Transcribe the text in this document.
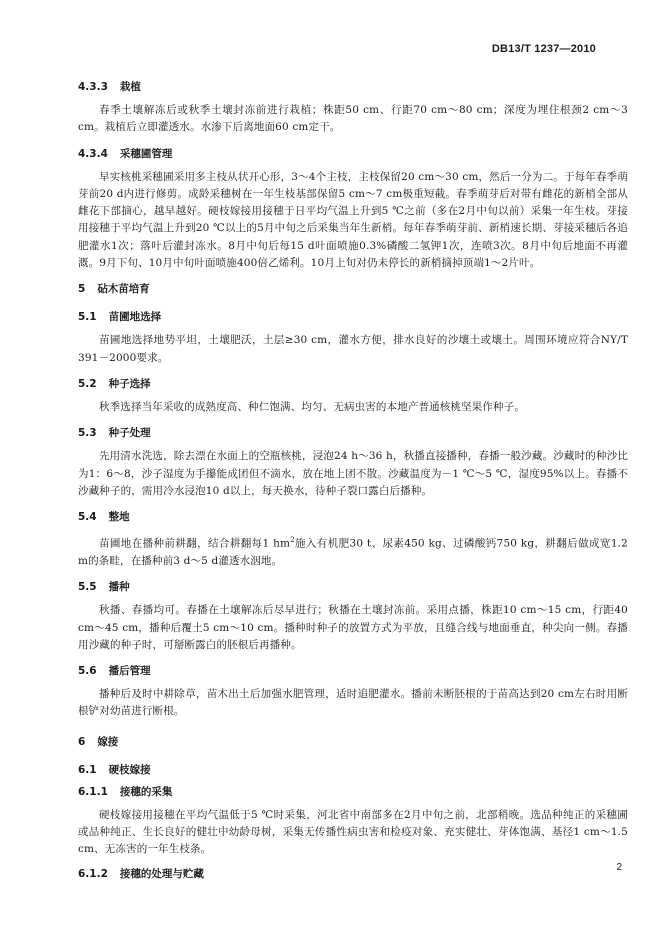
DB13/T 1237—2010

4.3.3 栽植

春季土壤解冻后或秋季土壤封冻前进行栽植；株距50 cm、行距70 cm～80 cm；深度为埋住根颈2 cm～3 cm。栽植后立即灌透水。水渗下后离地面60 cm定干。

4.3.4 采穗圃管理

早实核桃采穗圃采用多主枝从状开心形，3～4个主枝，主枝保留20 cm～30 cm，然后一分为二。于每年春季萌芽前20 d内进行修剪。成龄采穗树在一年生枝基部保留5 cm～7 cm极重短截。春季萌芽后对带有雌花的新梢全部从雌花下部摘心，越早越好。硬枝嫁接用接穗于日平均气温上升到5 ℃之前（多在2月中旬以前）采集一年生枝。芽接用接穗于平均气温上升到20 ℃以上的5月中旬之后采集当年生新梢。每年春季萌芽前、新梢速长期、芽接采穗后各追肥灌水1次；落叶后灌封冻水。8月中旬后每15 d叶面喷施0.3%磷酸二氢钾1次，连喷3次。8月中旬后地面不再灌溉。9月下旬、10月中旬叶面喷施400倍乙烯利。10月上旬对仍未停长的新梢摘掉顶端1～2片叶。

5 砧木苗培育

5.1 苗圃地选择

苗圃地选择地势平坦，土壤肥沃，土层≥30 cm，灌水方便，排水良好的沙壤土或壤土。周围环境应符合NY/T 391－2000要求。

5.2 种子选择

秋季选择当年采收的成熟度高、种仁饱满、均匀、无病虫害的本地产普通核桃坚果作种子。

5.3 种子处理

先用清水洗选，除去漂在水面上的空瓶核桃，浸泡24 h～36 h，秋播直接播种，春播一般沙藏。沙藏时的种沙比为1：6～8，沙子湿度为手攥能成团但不滴水，放在地上团不散。沙藏温度为－1 ℃～5 ℃，湿度95%以上。春播不沙藏种子的，需用冷水浸泡10 d以上，每天换水，待种子裂口露白后播种。

5.4 整地

苗圃地在播种前耕翻，结合耕翻每1 $hm^2$施入有机肥30 t、尿素450 kg、过磷酸钙750 kg，耕翻后做成宽1.2 m的条畦，在播种前3 d～5 d灌透水洇地。

5.5 播种

秋播、春播均可。春播在土壤解冻后尽早进行；秋播在土壤封冻前。采用点播，株距10 cm～15 cm，行距40 cm～45 cm，播种后覆土5 cm～10 cm。播种时种子的放置方式为平放，且缝合线与地面垂直，种尖向一侧。春播用沙藏的种子时，可掰断露白的胚根后再播种。

5.6 播后管理

播种后及时中耕除草，苗木出土后加强水肥管理，适时追肥灌水。播前未断胚根的于苗高达到20 cm左右时用断根铲对幼苗进行断根。

6 嫁接

6.1 硬枝嫁接

6.1.1 接穗的采集

硬枝嫁接用接穗在平均气温低于5 ℃时采集，河北省中南部多在2月中旬之前，北部稍晚。选品种纯正的采穗圃或品种纯正、生长良好的健壮中幼龄母树，采集无传播性病虫害和检疫对象、充实健壮、芽体饱满、基径1 cm～1.5 cm、无冻害的一年生枝条。

6.1.2 接穗的处理与贮藏

2
